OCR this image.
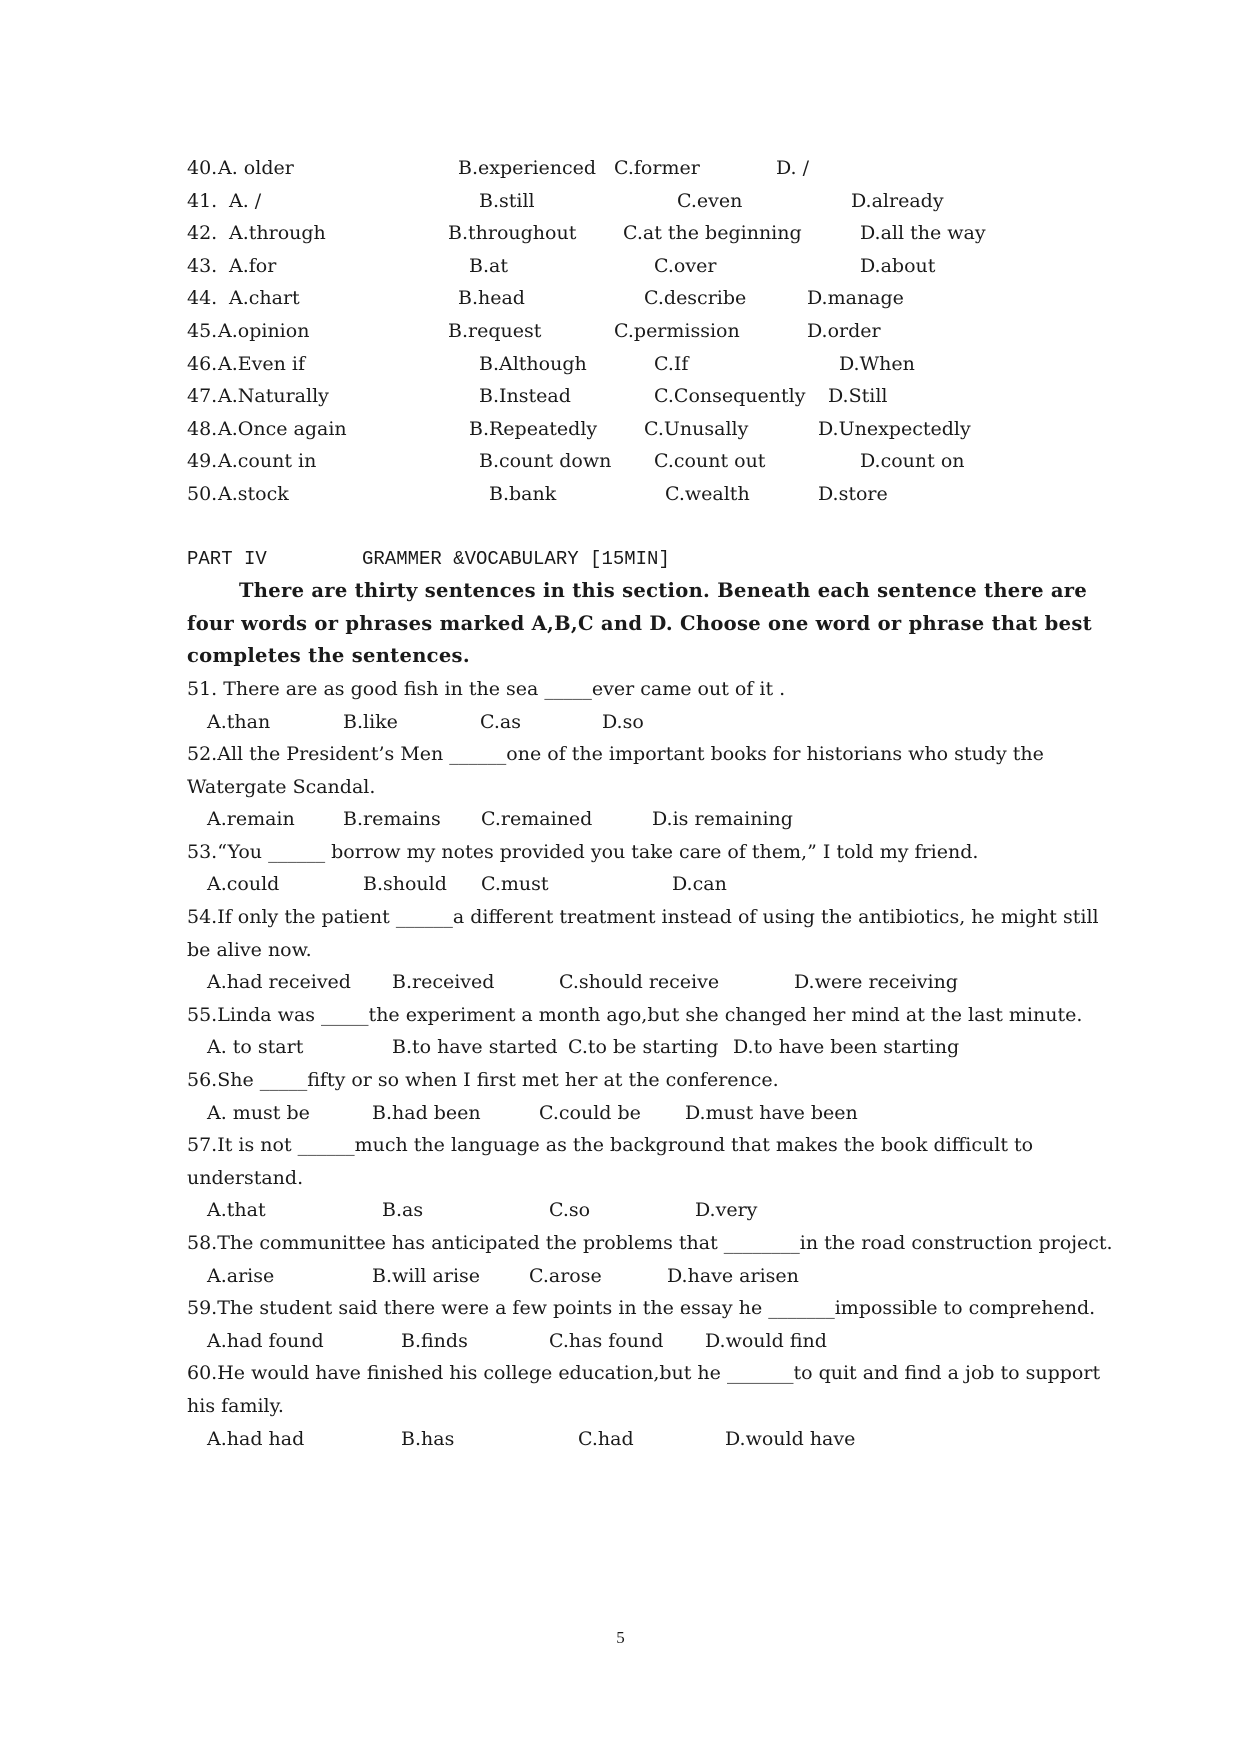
40. A. older	B.experienced C.former	D. /
41. A. /	B.still	C.even	D.already
42. A.through	B.throughout C.at the beginning	D.all the way
43. A.for	B.at	C.over	D.about
44. A.chart	B.head	C.describe	D.manage
45. A.opinion	B.request	C.permission	D.order
46. A.Even if	B.Although	C.If	D.When
47. A.Naturally	B.Instead	C.Consequently D.Still
48. A.Once again	B.Repeatedly C.Unusally	D.Unexpectedly
49. A.count in	B.count down C.count out	D.count on
50. A.stock	B.bank	C.wealth	D.store
PART IV	GRAMMER &VOCABULARY [15MIN]
There are thirty sentences in this section. Beneath each sentence there are four words or phrases marked A,B,C and D. Choose one word or phrase that best completes the sentences.
51. There are as good fish in the sea _____ever came out of it .
A.than	B.like	C.as	D.so
52.All the President’s Men ______one of the important books for historians who study the Watergate Scandal.
A.remain	B.remains C.remained	D.is remaining
53.“You ______ borrow my notes provided you take care of them,” I told my friend.
A.could	B.should C.must	D.can
54.If only the patient ______a different treatment instead of using the antibiotics, he might still be alive now.
A.had received B.received	C.should receive	D.were receiving
55.Linda was _____the experiment a month ago,but she changed her mind at the last minute.
A. to start	B.to have started C.to be starting D.to have been starting
56.She _____fifty or so when I first met her at the conference.
A. must be	B.had been	C.could be D.must have been
57.It is not ______much the language as the background that makes the book difficult to understand.
A.that	B.as	C.so	D.very
58.The communittee has anticipated the problems that ________in the road construction project.
A.arise	B.will arise	C.arose	D.have arisen
59.The student said there were a few points in the essay he _______impossible to comprehend.
A.had found	B.finds	C.has found D.would find
60.He would have finished his college education,but he _______to quit and find a job to support his family.
A.had had	B.has	C.had	D.would have
5
